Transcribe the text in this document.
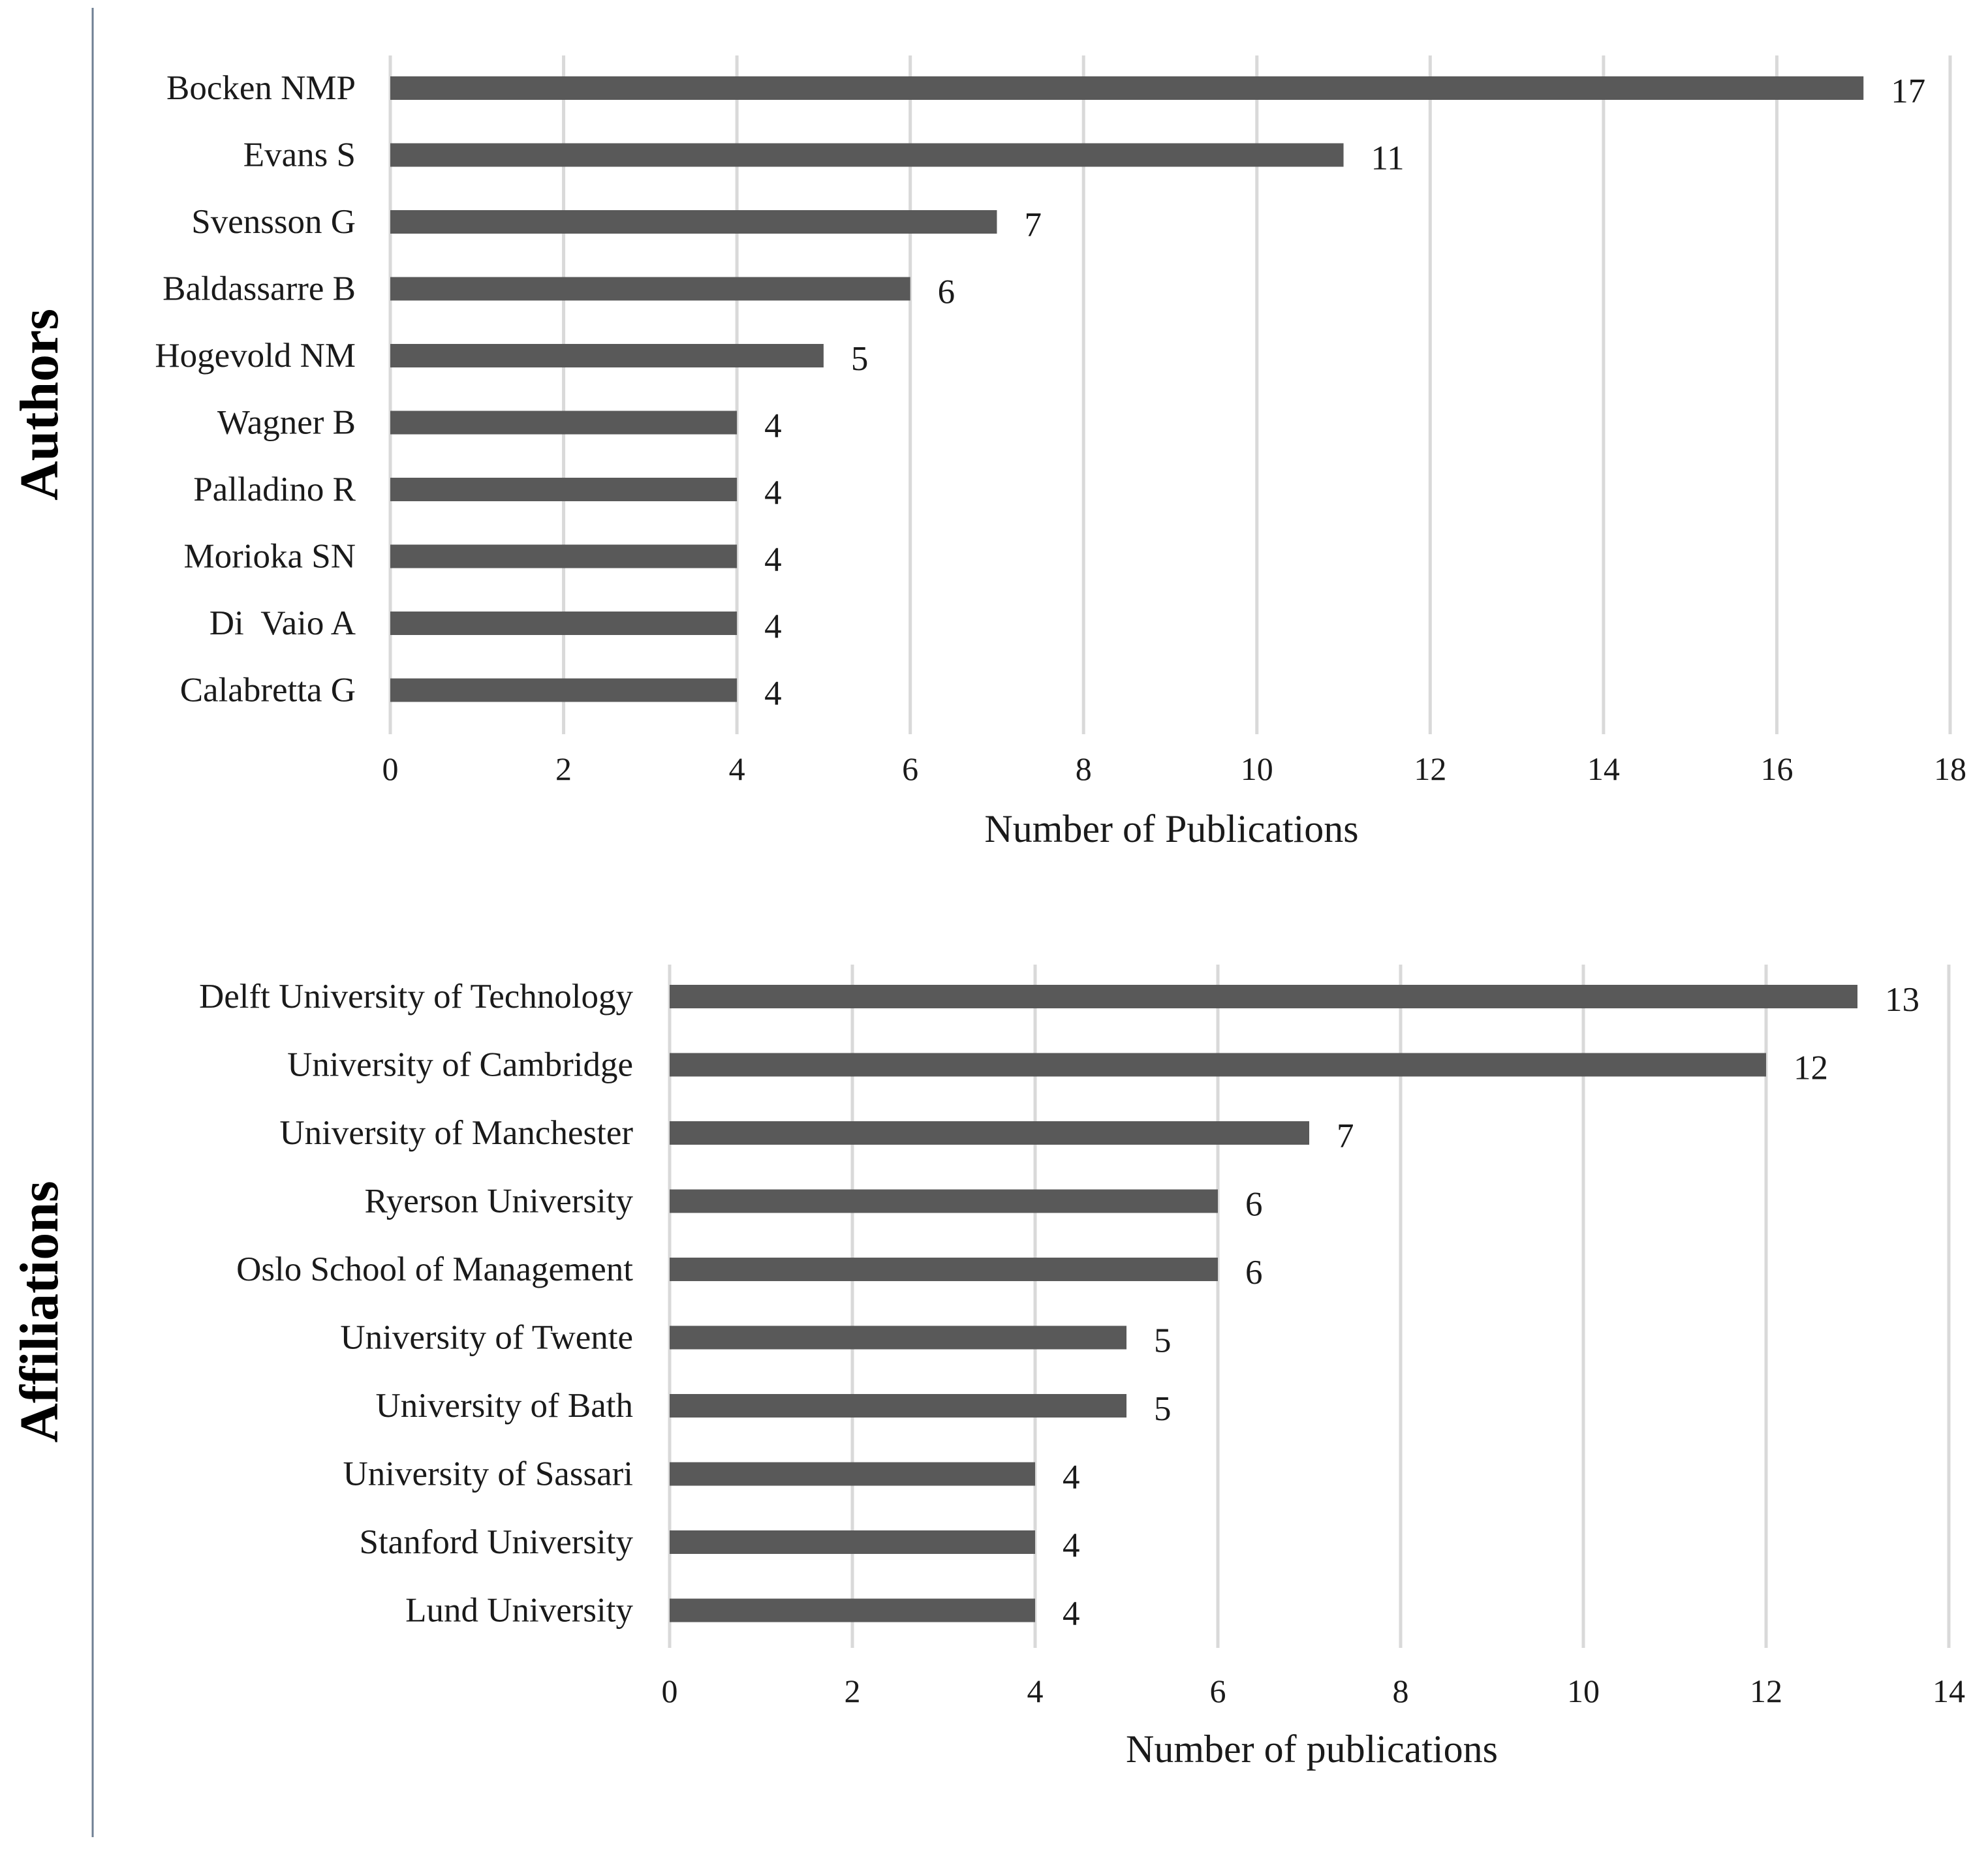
Authors
0	2	4	6	8	10	12	14	16	18
Bocken NMP	17
Evans S	11
Svensson G	7
Baldassarre B	6
Hogevold NM	5
Wagner B	4
Palladino R	4
Morioka SN	4
Di  Vaio A	4
Calabretta G	4
Number of Publications
Affiliations
0	2	4	6	8	10	12	14
Delft University of Technology	13
University of Cambridge	12
University of Manchester	7
Ryerson University	6
Oslo School of Management	6
University of Twente	5
University of Bath	5
University of Sassari	4
Stanford University	4
Lund University	4
Number of publications
